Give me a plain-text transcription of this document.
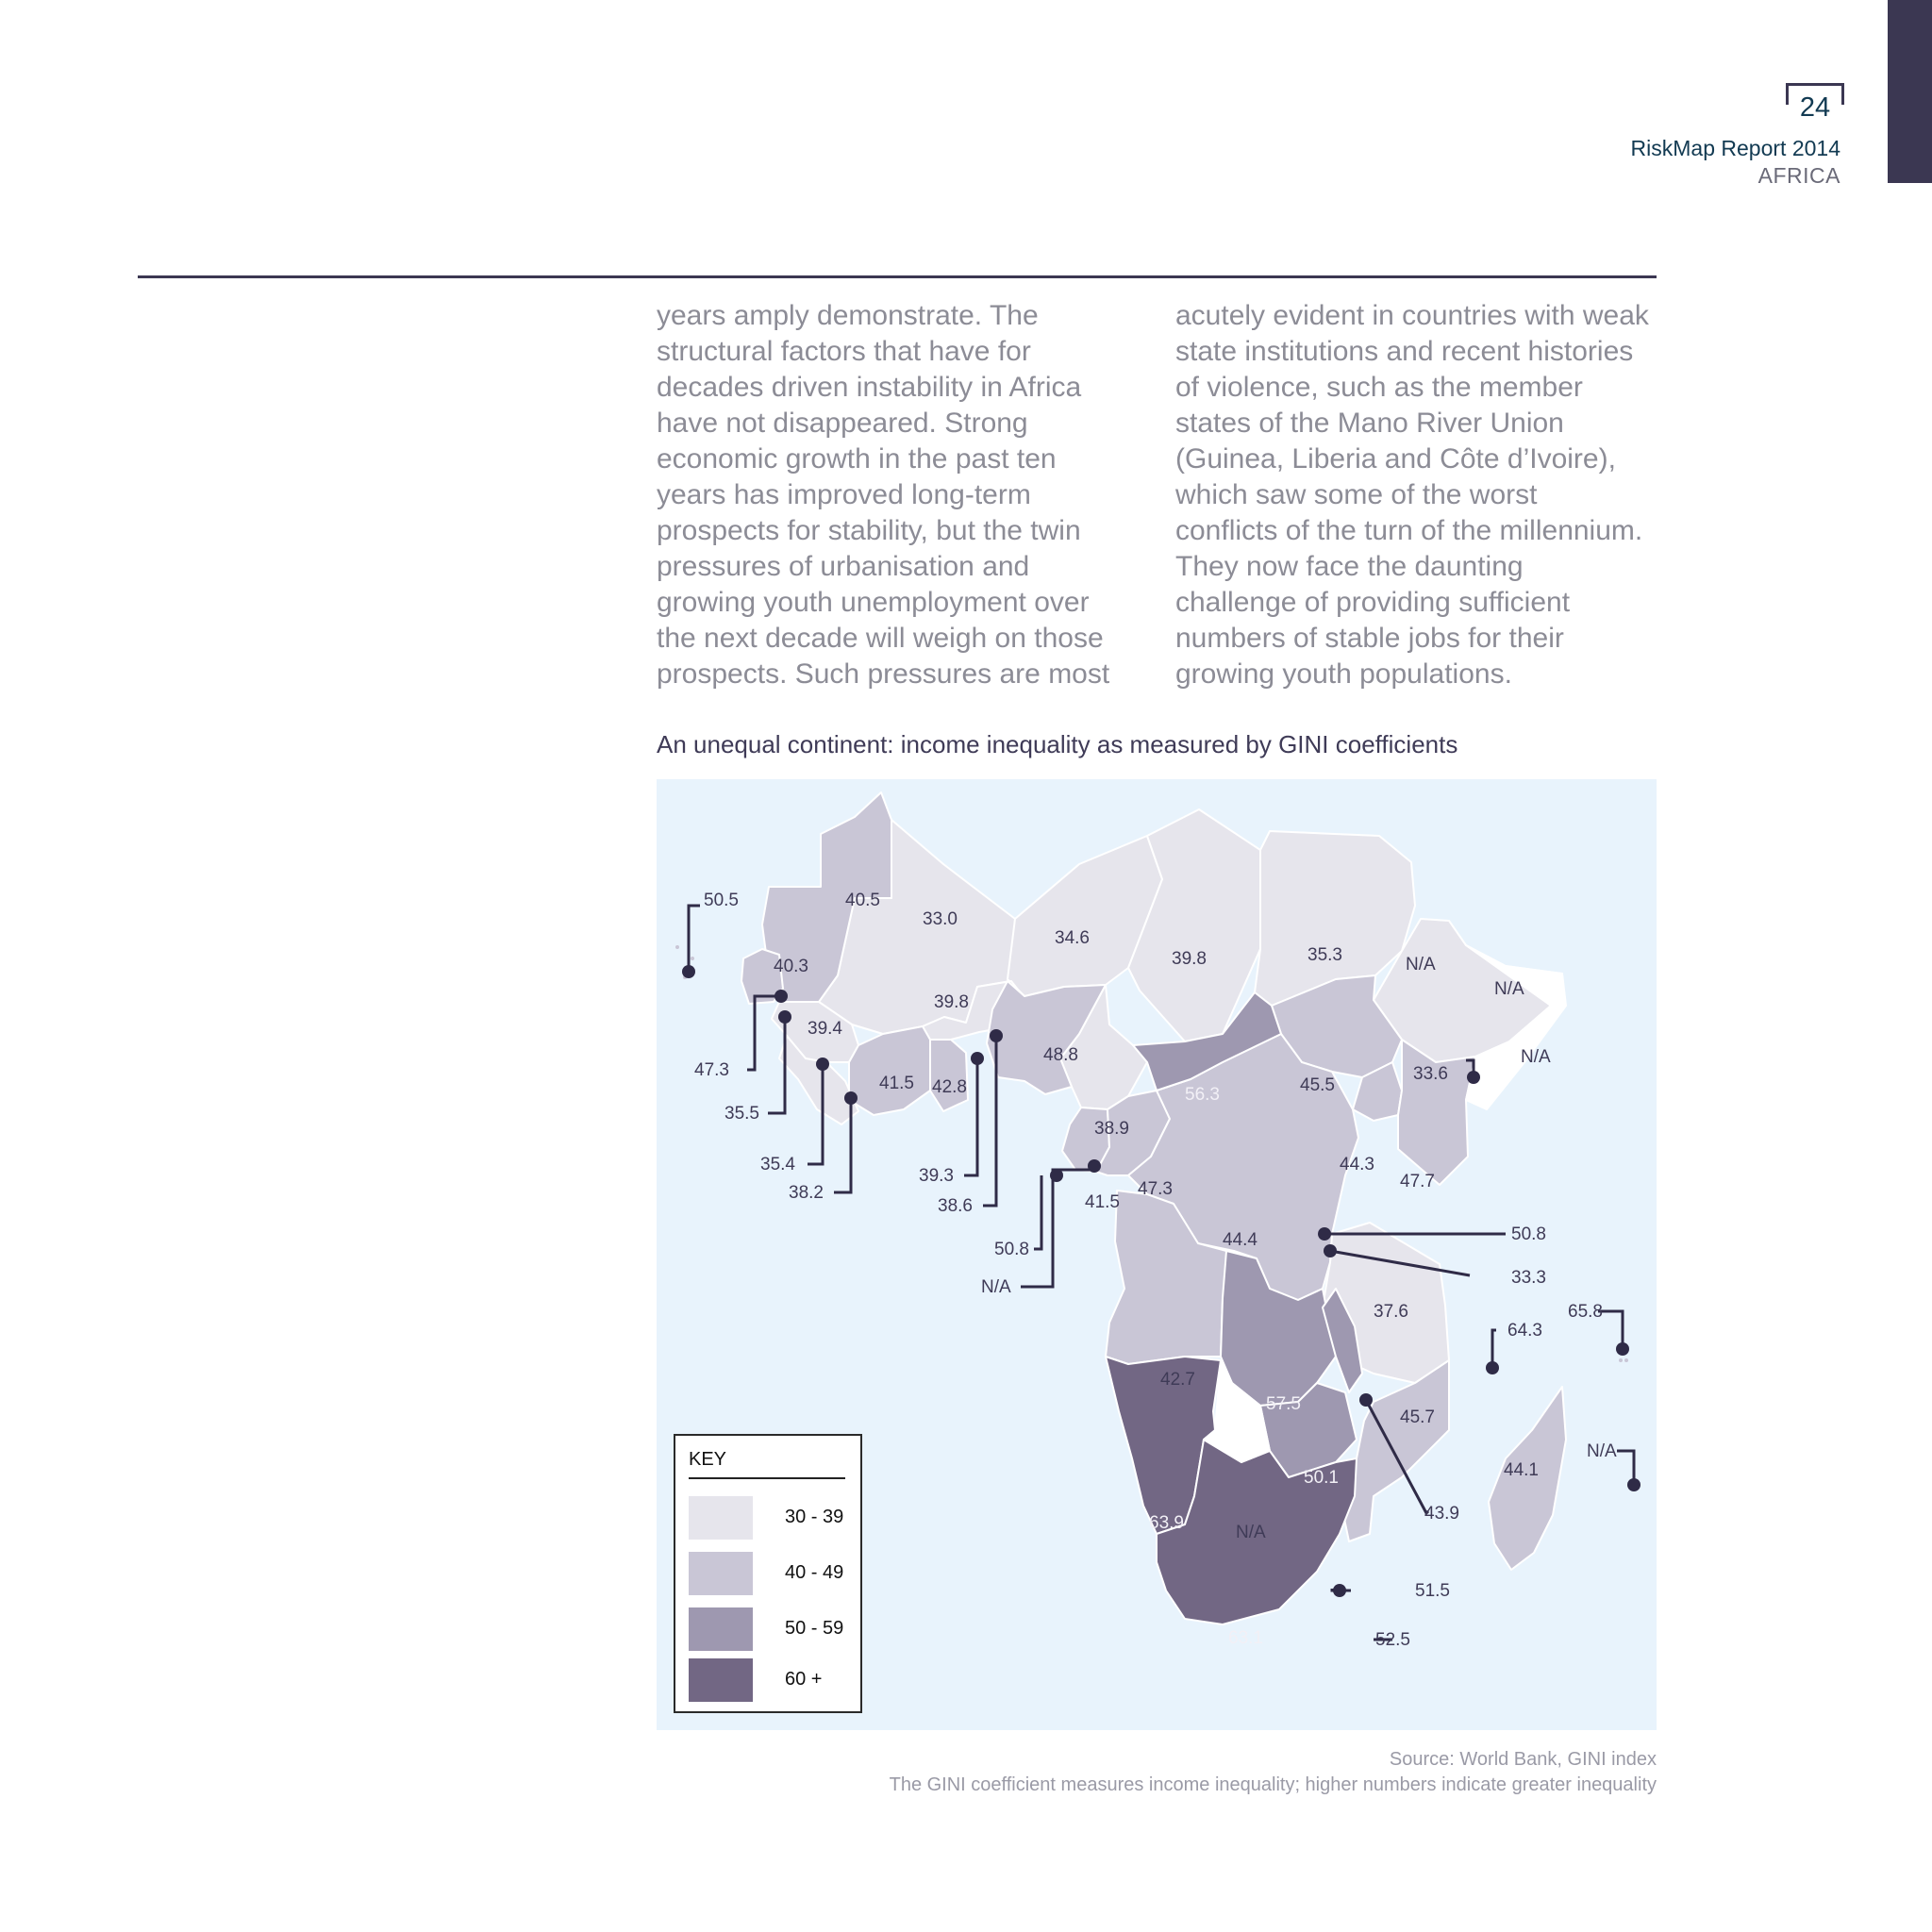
24
RiskMap Report 2014
AFRICA

years amply demonstrate. The

structural factors that have for

decades driven instability in Africa

have not disappeared. Strong

economic growth in the past ten

years has improved long-term

prospects for stability, but the twin

pressures of urbanisation and

growing youth unemployment over

the next decade will weigh on those

prospects. Such pressures are most

acutely evident in countries with weak

state institutions and recent histories

of violence, such as the member

states of the Mano River Union

(Guinea, Liberia and Côte d’Ivoire),

which saw some of the worst

conflicts of the turn of the millennium.

They now face the daunting

challenge of providing sufficient

numbers of stable jobs for their

growing youth populations.

An unequal continent: income inequality as measured by GINI coefficients
40.5
33.0
34.6
39.8	35.3	N/A
N/A
N/A
33.6
45.5
56.3
48.8
38.9
40.3
39.4
39.8
41.5 42.8
41.5
47.3
44.4
44.3
47.7
37.6
42.7
57.5
50.1
45.7
44.1
63.9	N/A
63.1
50.5
47.3
35.5
35.4
38.2
39.3
38.6
50.8
N/A
50.8
33.3
43.9
51.5
52.5
64.3
65.8
N/A
KEY
30 - 39
40 - 49
50 - 59
60 +
Source: World Bank, GINI index
The GINI coefficient measures income inequality; higher numbers indicate greater inequality
